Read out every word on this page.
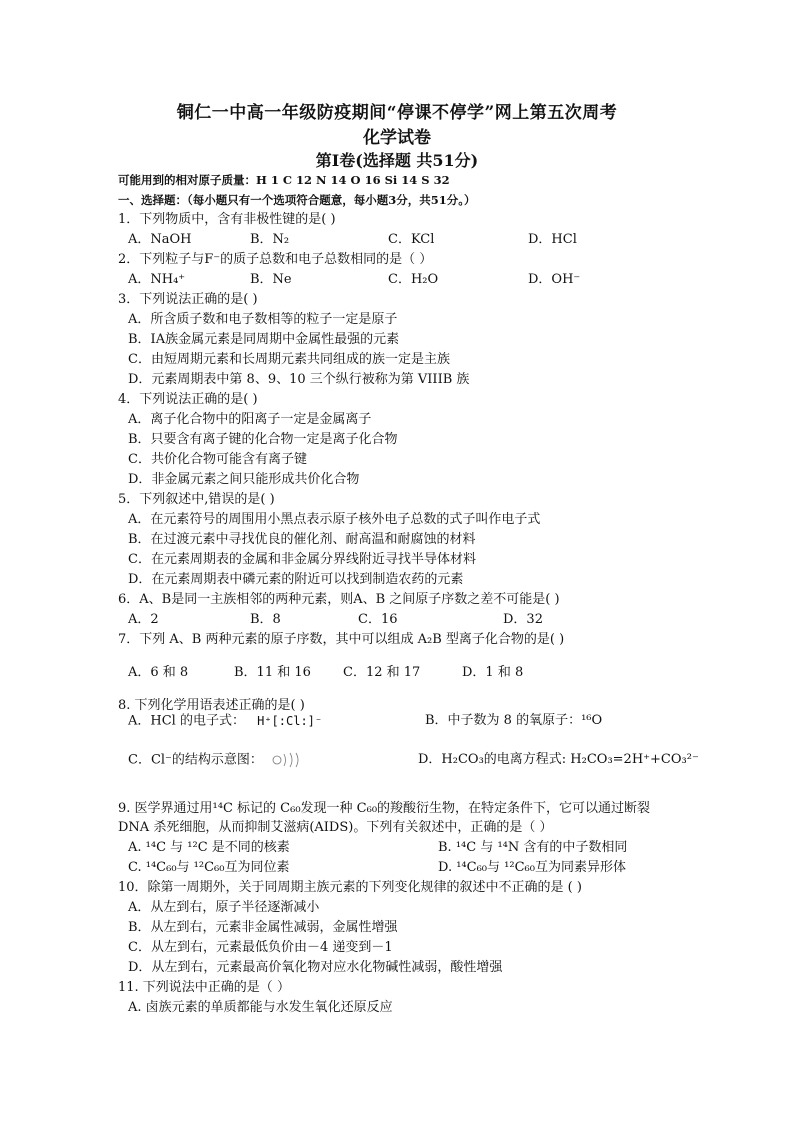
铜仁一中高一年级防疫期间“停课不停学”网上第五次周考
化学试卷
第Ⅰ卷(选择题 共51分)
可能用到的相对原子质量：H 1 C 12 N 14 O 16 Si 14 S 32
一、选择题：（每小题只有一个选项符合题意，每小题3分，共51分。）
1．下列物质中，含有非极性键的是( )
A．NaOH	B．N₂	C．KCl	D．HCl
2．下列粒子与F⁻的质子总数和电子总数相同的是（ ）
A．NH₄⁺	B．Ne	C．H₂O	D．OH⁻
3．下列说法正确的是( )
A．所含质子数和电子数相等的粒子一定是原子
B．ⅠA族金属元素是同周期中金属性最强的元素
C．由短周期元素和长周期元素共同组成的族一定是主族
D．元素周期表中第 8、9、10 三个纵行被称为第 VIIIB 族
4．下列说法正确的是( )
A．离子化合物中的阳离子一定是金属离子
B．只要含有离子键的化合物一定是离子化合物
C．共价化合物可能含有离子键
D．非金属元素之间只能形成共价化合物
5．下列叙述中,错误的是( )
A．在元素符号的周围用小黑点表示原子核外电子总数的式子叫作电子式
B．在过渡元素中寻找优良的催化剂、耐高温和耐腐蚀的材料
C．在元素周期表的金属和非金属分界线附近寻找半导体材料
D．在元素周期表中磷元素的附近可以找到制造农药的元素
6．A、B是同一主族相邻的两种元素，则A、B 之间原子序数之差不可能是( )
A．2	B．8	C．16	D．32
7．下列 A、B 两种元素的原子序数，其中可以组成 A₂B 型离子化合物的是( )
A．6 和 8	B．11 和 16 C．12 和 17	D．1 和 8
8. 下列化学用语表述正确的是( )
A．HCl 的电子式： H⁺[:Cl:]⁻	B．中子数为 8 的氧原子：¹⁶O
C．Cl⁻的结构示意图：	D．H₂CO₃的电离方程式: H₂CO₃=2H⁺+CO₃²⁻
9. 医学界通过用¹⁴C 标记的 C₆₀发现一种 C₆₀的羧酸衍生物，在特定条件下，它可以通过断裂
DNA 杀死细胞，从而抑制艾滋病(AIDS)。下列有关叙述中，正确的是（ ）
A. ¹⁴C 与 ¹²C 是不同的核素	B. ¹⁴C 与 ¹⁴N 含有的中子数相同
C. ¹⁴C₆₀与 ¹²C₆₀互为同位素	D. ¹⁴C₆₀与 ¹²C₆₀互为同素异形体
10．除第一周期外，关于同周期主族元素的下列变化规律的叙述中不正确的是 ( )
A．从左到右，原子半径逐渐减小
B．从左到右，元素非金属性减弱，金属性增强
C．从左到右，元素最低负价由－4 递变到－1
D．从左到右，元素最高价氧化物对应水化物碱性减弱，酸性增强
11. 下列说法中正确的是（ ）
A. 卤族元素的单质都能与水发生氧化还原反应
